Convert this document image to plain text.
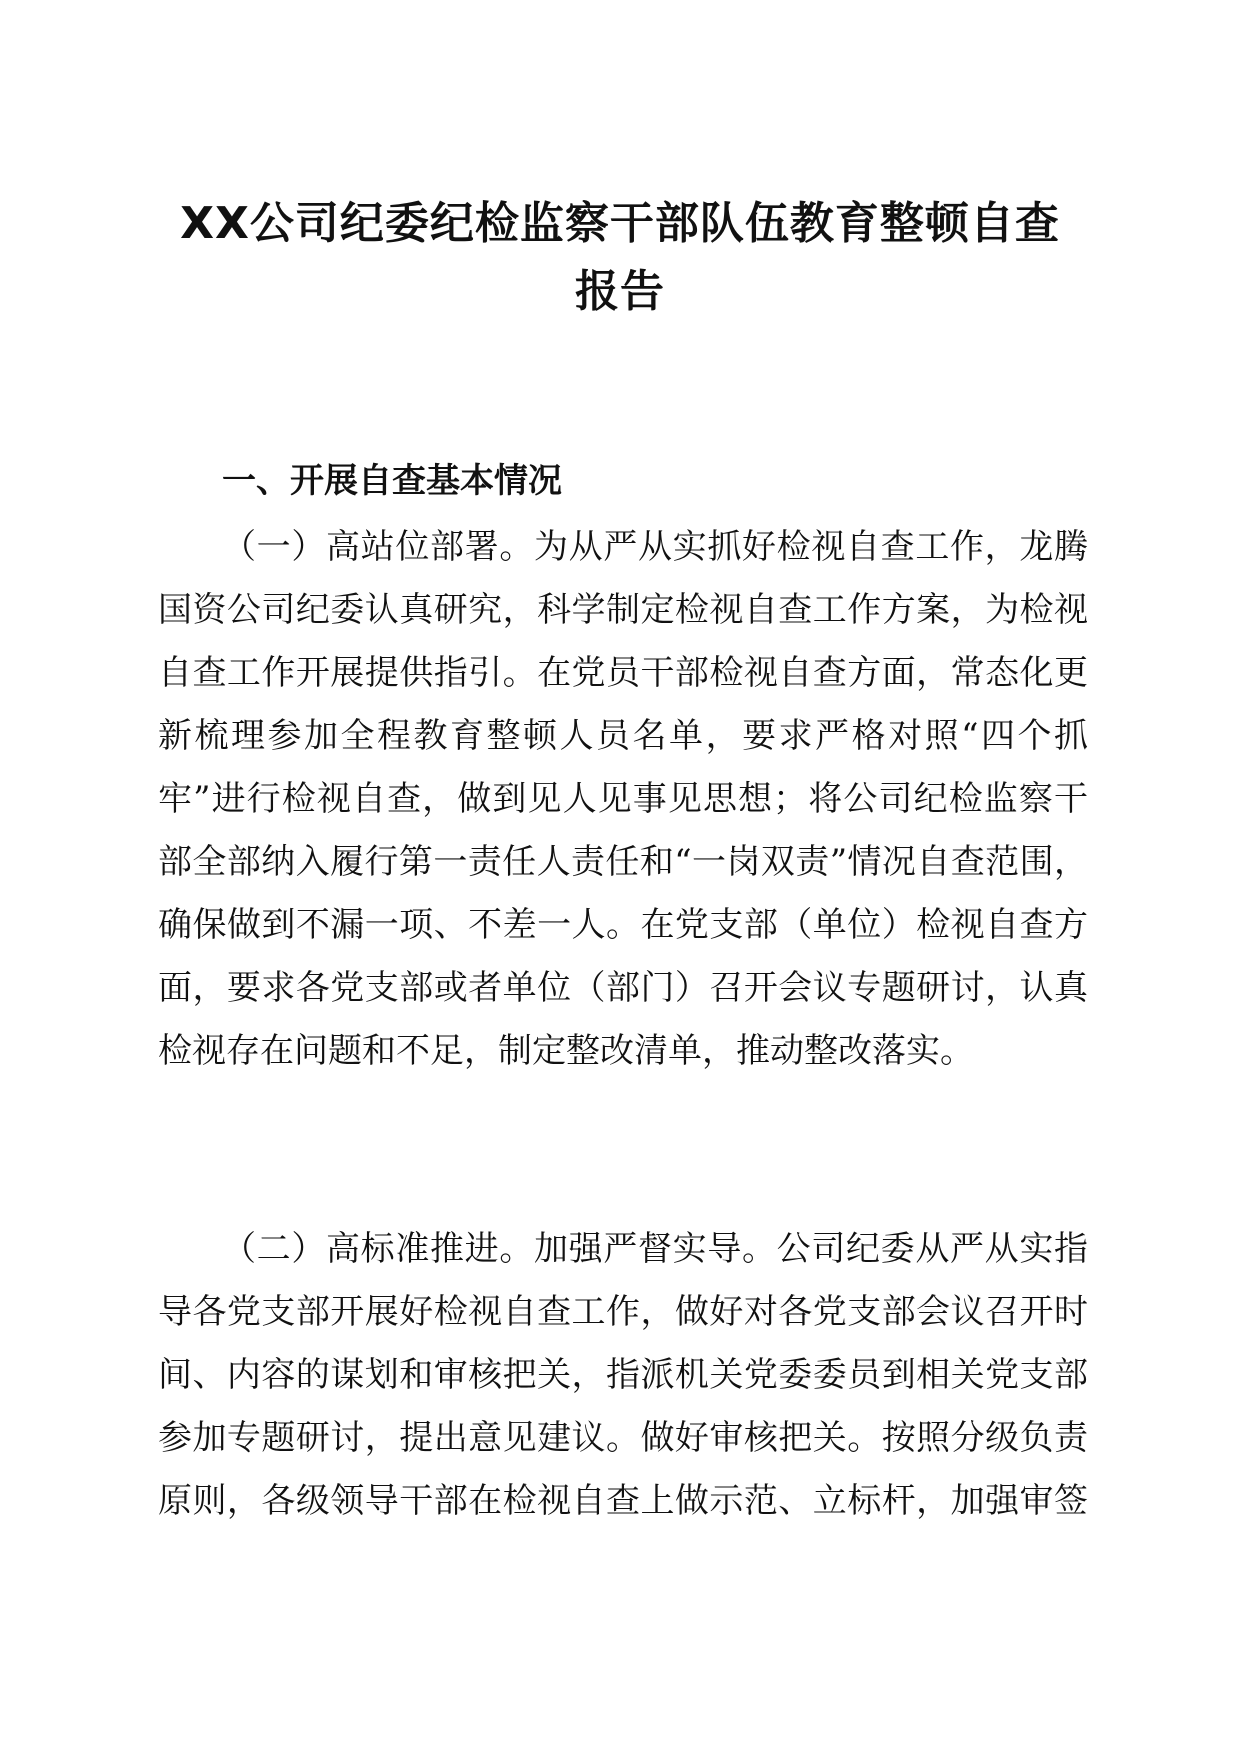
XX公司纪委纪检监察干部队伍教育整顿自查
报告
一、开展自查基本情况
（一）高站位部署。为从严从实抓好检视自查工作，龙腾
国资公司纪委认真研究，科学制定检视自查工作方案，为检视
自查工作开展提供指引。在党员干部检视自查方面，常态化更
新梳理参加全程教育整顿人员名单，要求严格对照“四个抓
牢”进行检视自查，做到见人见事见思想；将公司纪检监察干
部全部纳入履行第一责任人责任和“一岗双责”情况自查范围，
确保做到不漏一项、不差一人。在党支部（单位）检视自查方
面，要求各党支部或者单位（部门）召开会议专题研讨，认真
检视存在问题和不足，制定整改清单，推动整改落实。
（二）高标准推进。加强严督实导。公司纪委从严从实指
导各党支部开展好检视自查工作，做好对各党支部会议召开时
间、内容的谋划和审核把关，指派机关党委委员到相关党支部
参加专题研讨，提出意见建议。做好审核把关。按照分级负责
原则，各级领导干部在检视自查上做示范、立标杆，加强审签
